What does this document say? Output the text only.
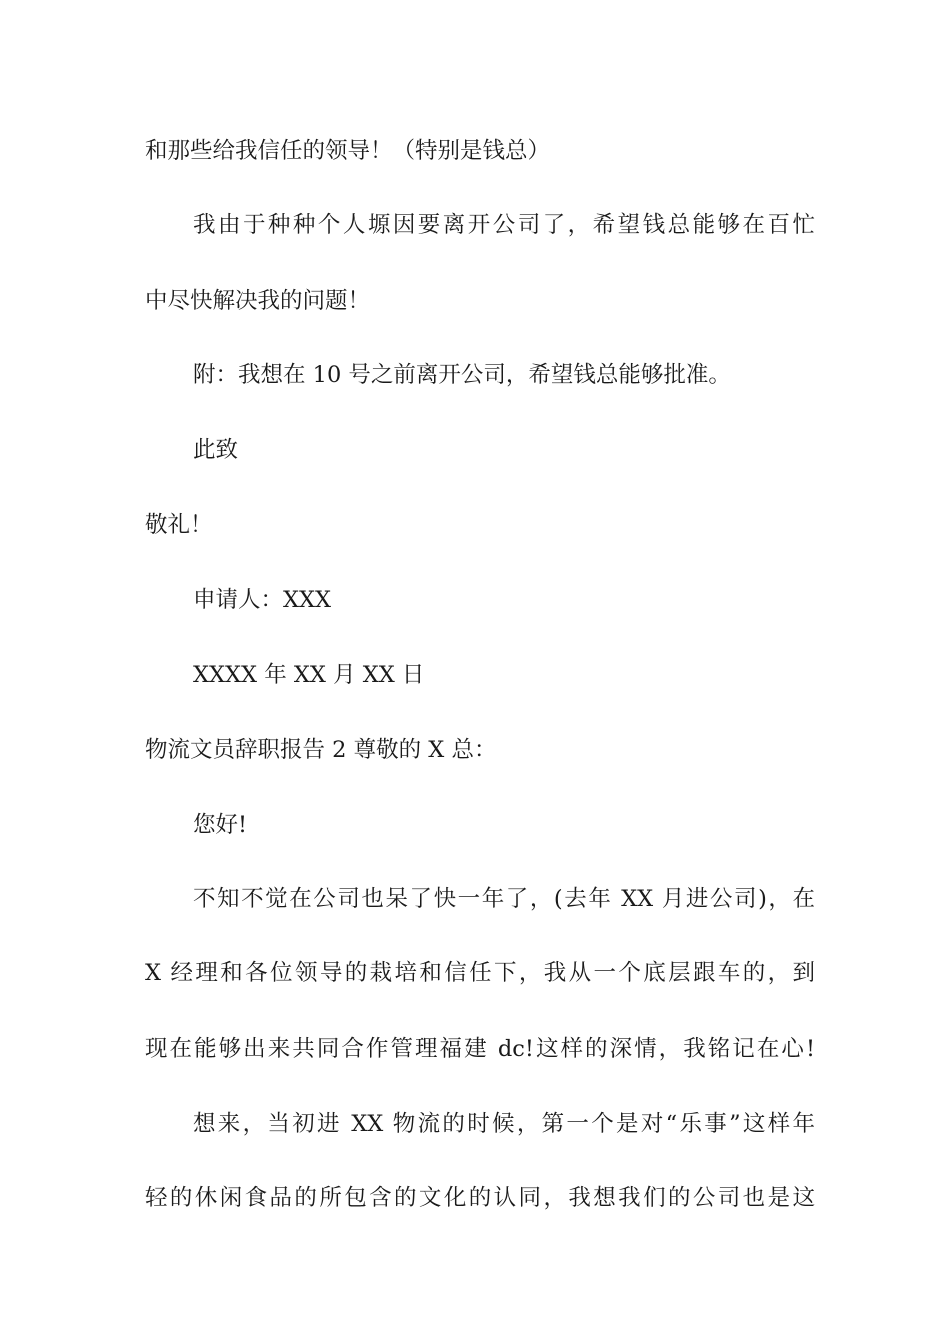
和那些给我信任的领导！（特别是钱总）
我由于种种个人塬因要离开公司了，希望钱总能够在百忙
中尽快解决我的问题！
附：我想在 10 号之前离开公司，希望钱总能够批准。
此致
敬礼！
申请人：XXX
XXXX 年 XX 月 XX 日
物流文员辞职报告 2 尊敬的 X 总：
您好!
不知不觉在公司也呆了快一年了，(去年 XX 月进公司)，在
X 经理和各位领导的栽培和信任下，我从一个底层跟车的，到
现在能够出来共同合作管理福建 dc!这样的深情，我铭记在心!
想来，当初进 XX 物流的时候，第一个是对“乐事”这样年
轻的休闲食品的所包含的文化的认同，我想我们的公司也是这
